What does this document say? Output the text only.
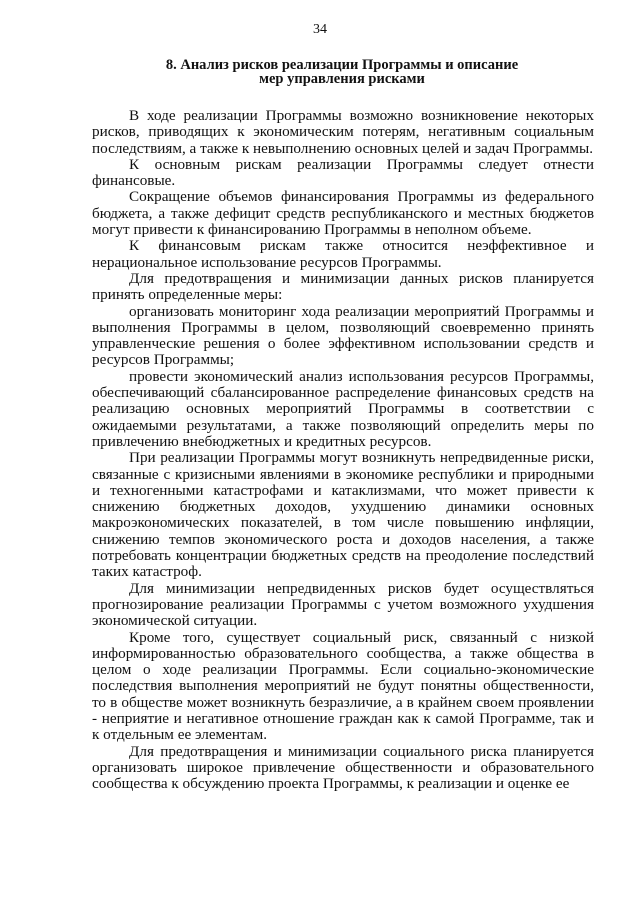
34
8. Анализ рисков реализации Программы и описание
мер управления рисками

В ходе реализации Программы возможно возникновение некоторых рисков, приводящих к экономическим потерям, негативным социальным последствиям, а также к невыполнению основных целей и задач Программы.

К основным рискам реализации Программы следует отнести финансовые.

Сокращение объемов финансирования Программы из федерального бюджета, а также дефицит средств республиканского и местных бюджетов могут привести к финансированию Программы в неполном объеме.

К финансовым рискам также относится неэффективное и нерациональное использование ресурсов Программы.

Для предотвращения и минимизации данных рисков планируется принять определенные меры:

организовать мониторинг хода реализации мероприятий Программы и выполнения Программы в целом, позволяющий своевременно принять управленческие решения о более эффективном использовании средств и ресурсов Программы;

провести экономический анализ использования ресурсов Программы, обеспечивающий сбалансированное распределение финансовых средств на реализацию основных мероприятий Программы в соответствии с ожидаемыми результатами, а также позволяющий определить меры по привлечению внебюджетных и кредитных ресурсов.

При реализации Программы могут возникнуть непредвиденные риски, связанные с кризисными явлениями в экономике республики и природными и техногенными катастрофами и катаклизмами, что может привести к снижению бюджетных доходов, ухудшению динамики основных макроэкономических показателей, в том числе повышению инфляции, снижению темпов экономического роста и доходов населения, а также потребовать концентрации бюджетных средств на преодоление последствий таких катастроф.

Для минимизации непредвиденных рисков будет осуществляться прогнозирование реализации Программы с учетом возможного ухудшения экономической ситуации.

Кроме того, существует социальный риск, связанный с низкой информированностью образовательного сообщества, а также общества в целом о ходе реализации Программы. Если социально-экономические последствия выполнения мероприятий не будут понятны общественности, то в обществе может возникнуть безразличие, а в крайнем своем проявлении - неприятие и негативное отношение граждан как к самой Программе, так и к отдельным ее элементам.

Для предотвращения и минимизации социального риска планируется организовать широкое привлечение общественности и образовательного сообщества к обсуждению проекта Программы, к реализации и оценке ее
